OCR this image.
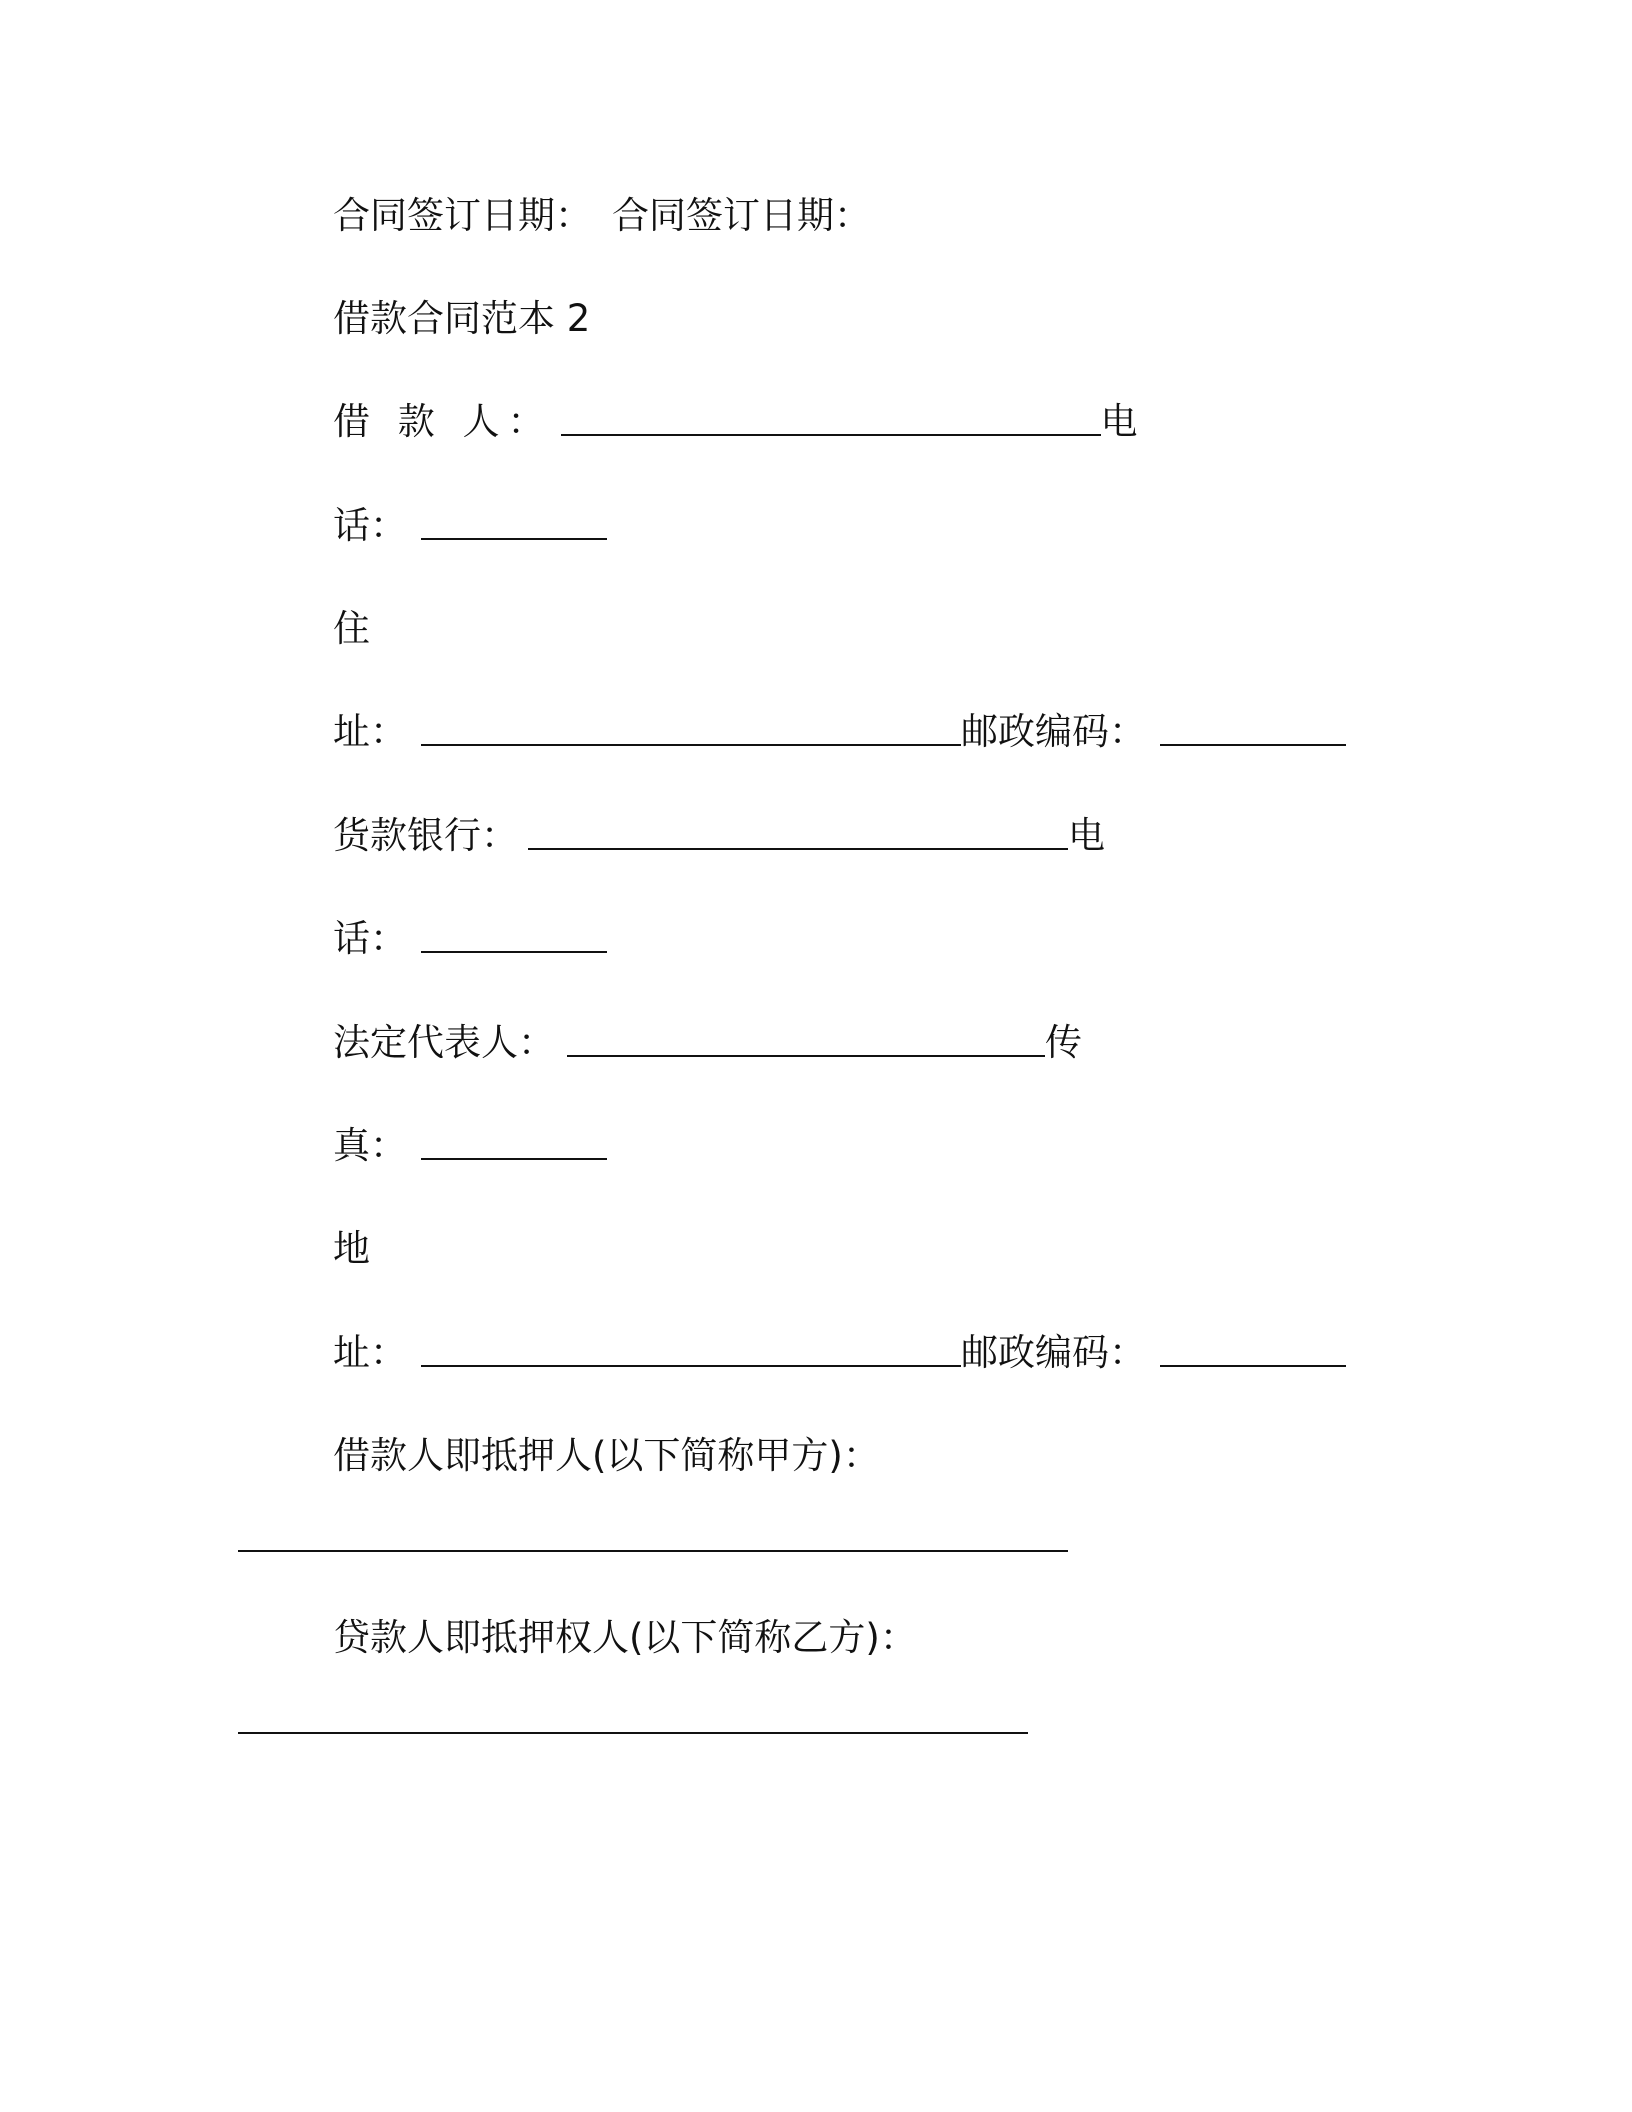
合同签订日期： 合同签订日期：
借款合同范本 2
借 款 人：	电
话：
住
址：	邮政编码：
货款银行：	电
话：
法定代表人：	传
真：
地
址：	邮政编码：
借款人即抵押人(以下简称甲方)：
贷款人即抵押权人(以下简称乙方)：
